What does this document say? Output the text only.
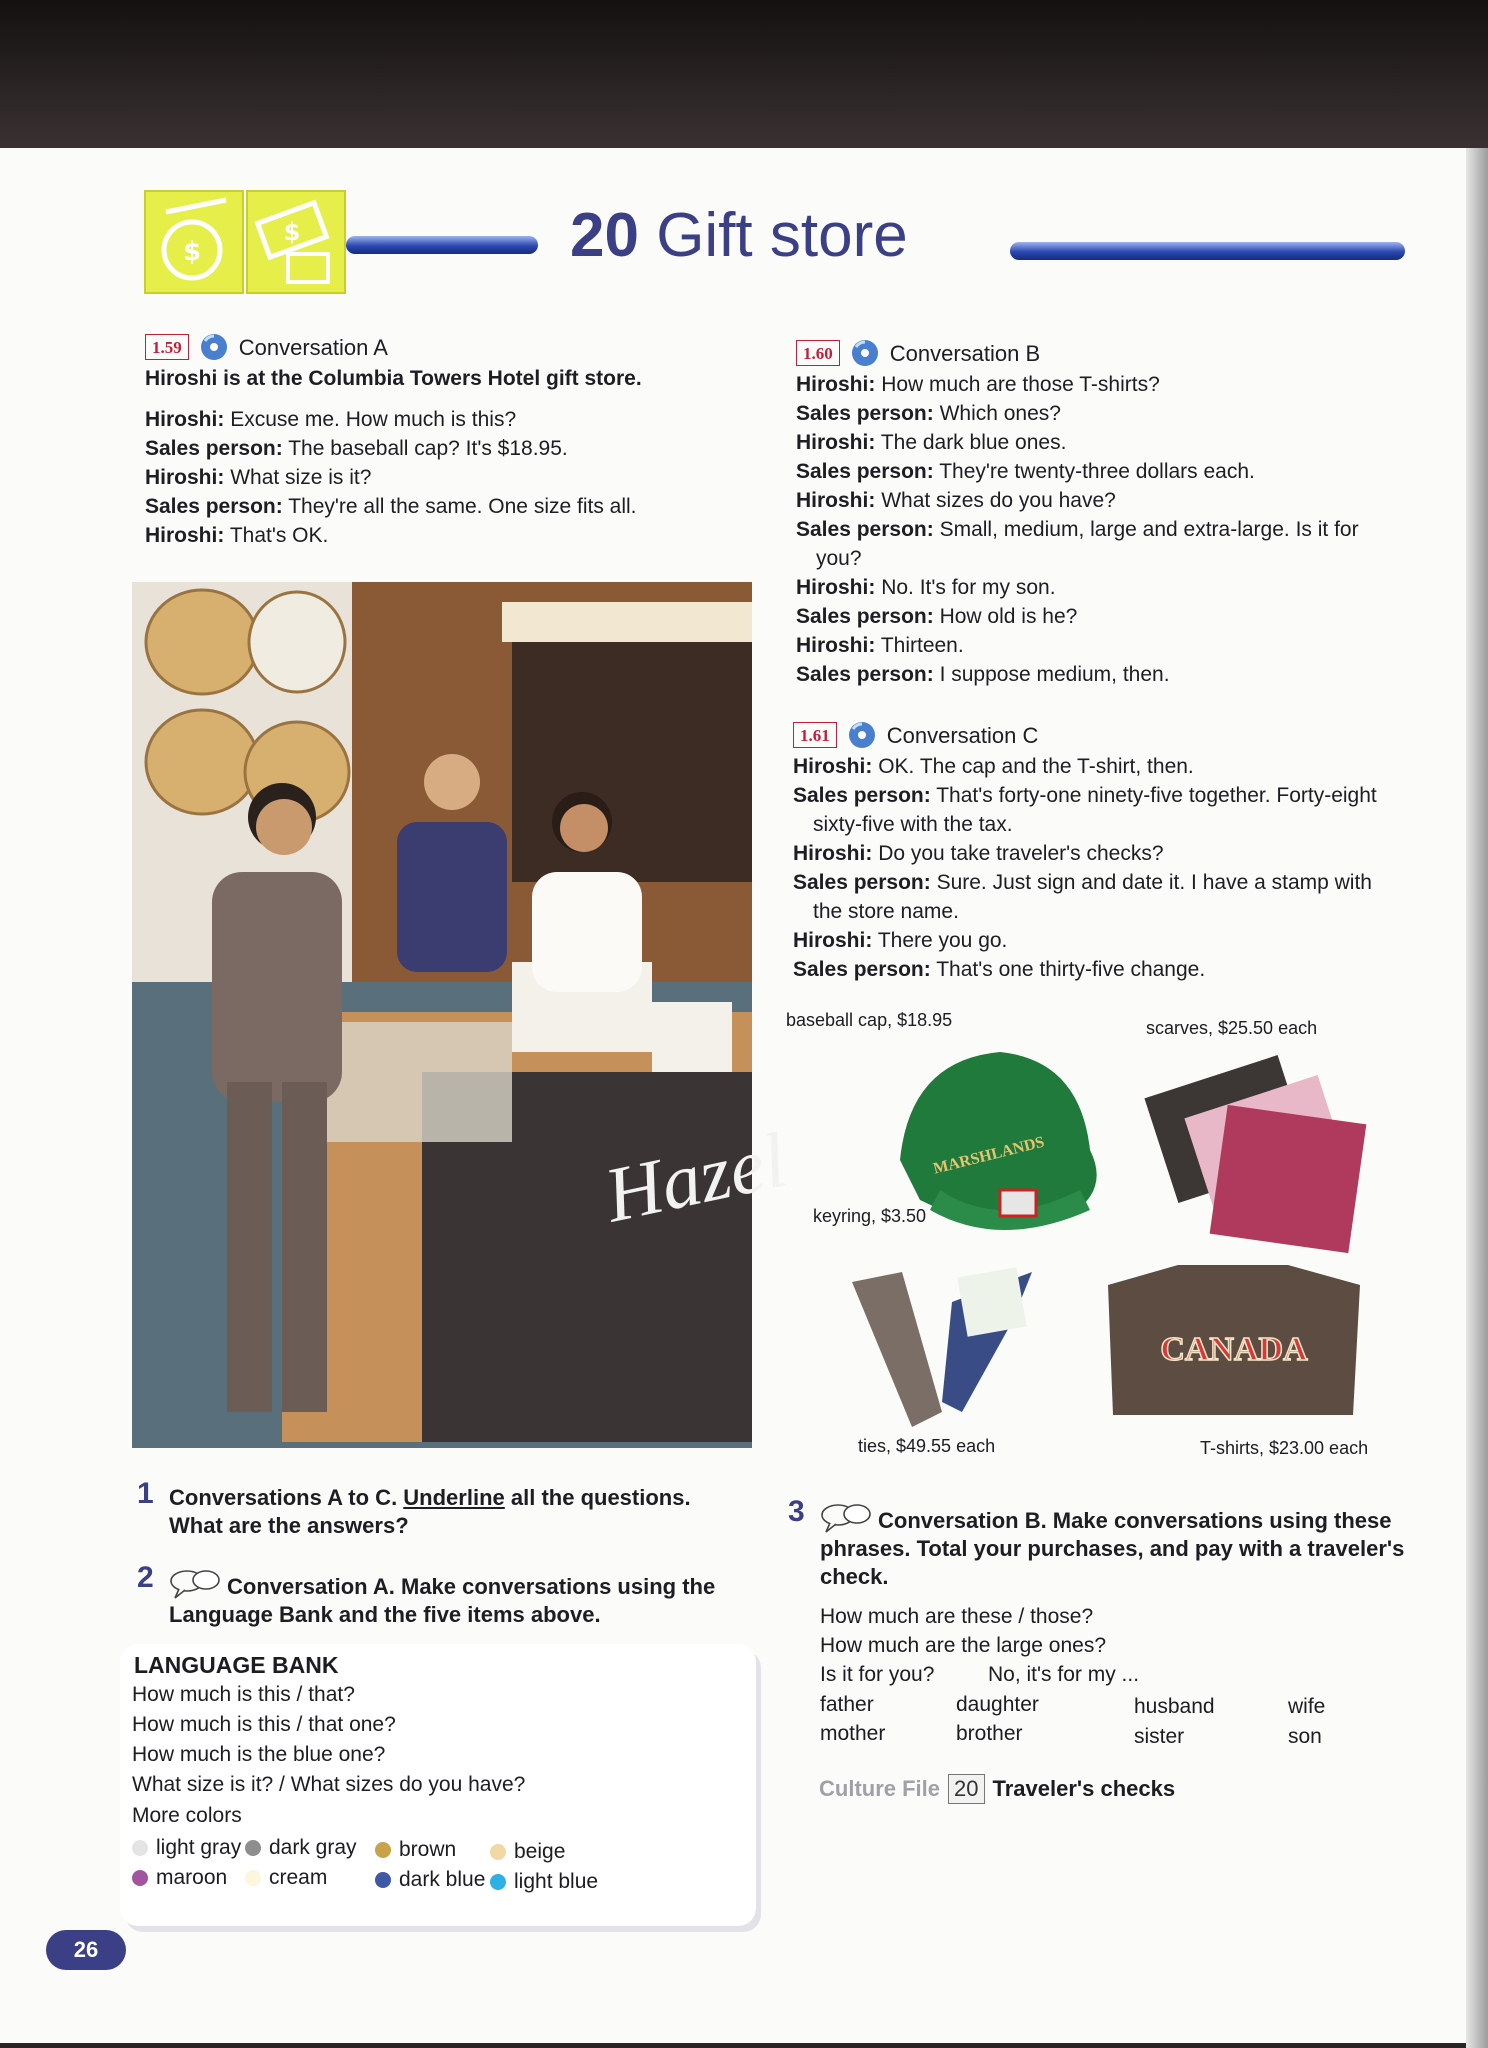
$
$	20 Gift store
1.59	Conversation A
Hiroshi is at the Columbia Towers Hotel gift store.
Hiroshi: Excuse me. How much is this?
Sales person: The baseball cap? It's $18.95.
Hiroshi: What size is it?
Sales person: They're all the same. One size fits all.
Hiroshi: That's OK.
1.60	Conversation B
Hiroshi: How much are those T-shirts?
Sales person: Which ones?
Hiroshi: The dark blue ones.
Sales person: They're twenty-three dollars each.
Hiroshi: What sizes do you have?
Sales person: Small, medium, large and extra-large. Is it for you?
Hiroshi: No. It's for my son.
Sales person: How old is he?
Hiroshi: Thirteen.
Sales person: I suppose medium, then.
1.61	Conversation C
Hiroshi: OK. The cap and the T-shirt, then.
Sales person: That's forty-one ninety-five together. Forty-eight sixty-five with the tax.
Hiroshi: Do you take traveler's checks?
Sales person: Sure. Just sign and date it. I have a stamp with the store name.
Hiroshi: There you go.
Sales person: That's one thirty-five change.
Hazel
baseball cap, $18.95	scarves, $25.50 each
keyring, $3.50
ties, $49.55 each	T-shirts, $23.00 each
MARSHLANDS
CANADA
1 Conversations A to C. Underline all the questions. What are the answers?
2	Conversation A. Make conversations using the Language Bank and the five items above.
LANGUAGE BANK
How much is this / that?
How much is this / that one?
How much is the blue one?
What size is it? / What sizes do you have?
More colors
light gray dark gray brown	beige
maroon cream	dark blue light blue
3	Conversation B. Make conversations using these phrases. Total your purchases, and pay with a traveler's check.
How much are these / those?
How much are the large ones?
Is it for you?	No, it's for my ...
father	daughter	husband	wife
mother	brother	sister	son
Culture File 20 Traveler's checks
26
